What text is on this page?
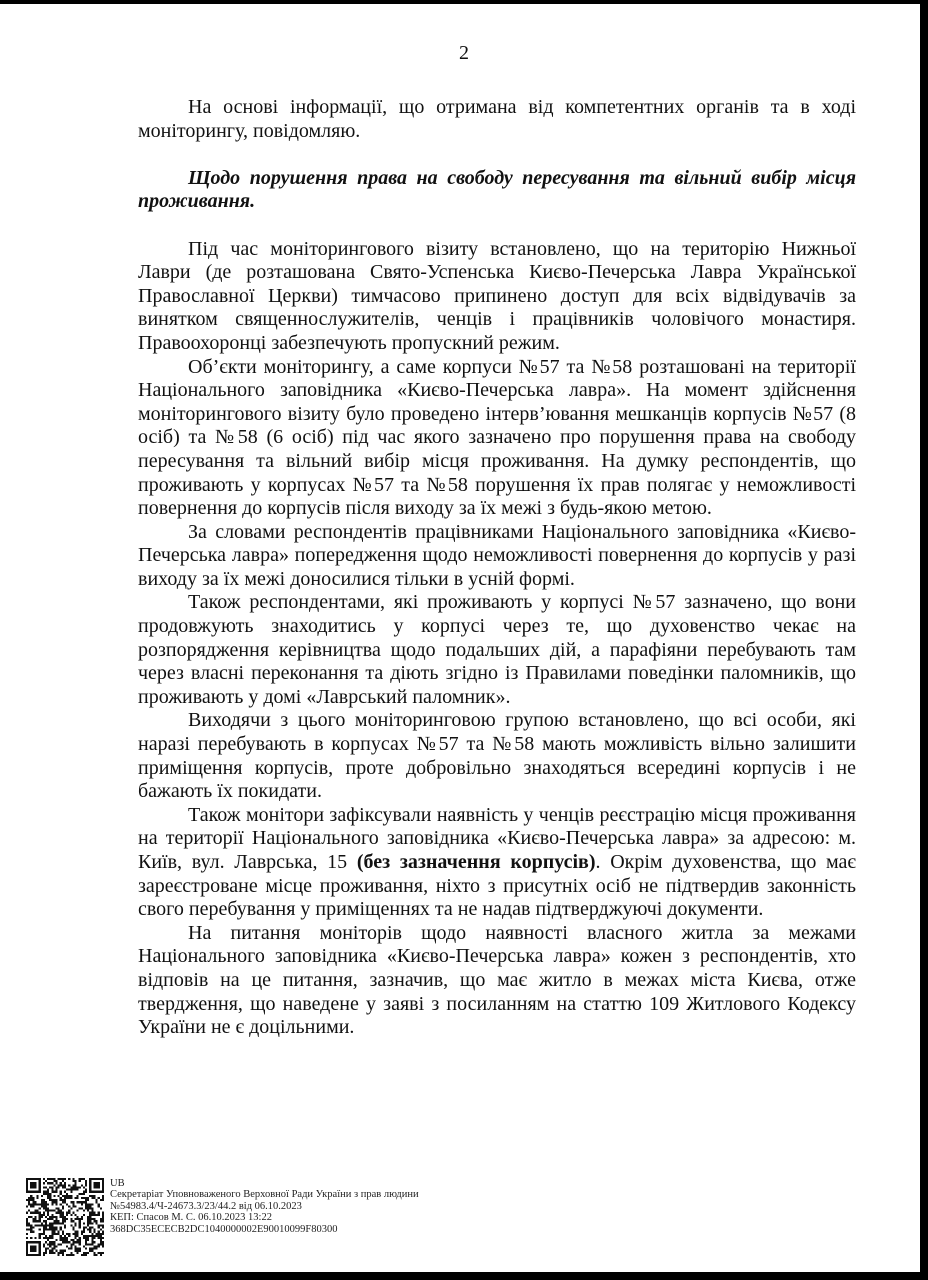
2

На основі інформації, що отримана від компетентних органів та в ході моніторингу, повідомляю.

Щодо порушення права на свободу пересування та вільний вибір місця проживання.

Під час моніторингового візиту встановлено, що на територію Нижньої Лаври (де розташована Свято-Успенська Києво-Печерська Лавра Української Православної Церкви) тимчасово припинено доступ для всіх відвідувачів за винятком священнослужителів, ченців і працівників чоловічого монастиря. Правоохоронці забезпечують пропускний режим.

Об’єкти моніторингу, а саме корпуси №57 та №58 розташовані на території Національного заповідника «Києво-Печерська лавра». На момент здійснення моніторингового візиту було проведено інтерв’ювання мешканців корпусів №57 (8 осіб) та №58 (6 осіб) під час якого зазначено про порушення права на свободу пересування та вільний вибір місця проживання. На думку респондентів, що проживають у корпусах №57 та №58 порушення їх прав полягає у неможливості повернення до корпусів після виходу за їх межі з будь-якою метою.

За словами респондентів працівниками Національного заповідника «Києво-Печерська лавра» попередження щодо неможливості повернення до корпусів у разі виходу за їх межі доносилися тільки в усній формі.

Також респондентами, які проживають у корпусі №57 зазначено, що вони продовжують знаходитись у корпусі через те, що духовенство чекає на розпорядження керівництва щодо подальших дій, а парафіяни перебувають там через власні переконання та діють згідно із Правилами поведінки паломників, що проживають у домі «Лаврський паломник».

Виходячи з цього моніторинговою групою встановлено, що всі особи, які наразі перебувають в корпусах №57 та №58 мають можливість вільно залишити приміщення корпусів, проте добровільно знаходяться всередині корпусів і не бажають їх покидати.

Також монітори зафіксували наявність у ченців реєстрацію місця проживання на території Національного заповідника «Києво-Печерська лавра» за адресою: м. Київ, вул. Лаврська, 15 (без зазначення корпусів). Окрім духовенства, що має зареєстроване місце проживання, ніхто з присутніх осіб не підтвердив законність свого перебування у приміщеннях та не надав підтверджуючі документи.

На питання моніторів щодо наявності власного житла за межами Національного заповідника «Києво-Печерська лавра» кожен з респондентів, хто відповів на це питання, зазначив, що має житло в межах міста Києва, отже твердження, що наведене у заяві з посиланням на статтю 109 Житлового Кодексу України не є доцільними.

UB
Секретаріат Уповноваженого Верховної Ради України з прав людини
№54983.4/Ч-24673.3/23/44.2 від 06.10.2023
КЕП: Спасов М. С. 06.10.2023 13:22
368DC35ECECB2DC1040000002E90010099F80300
